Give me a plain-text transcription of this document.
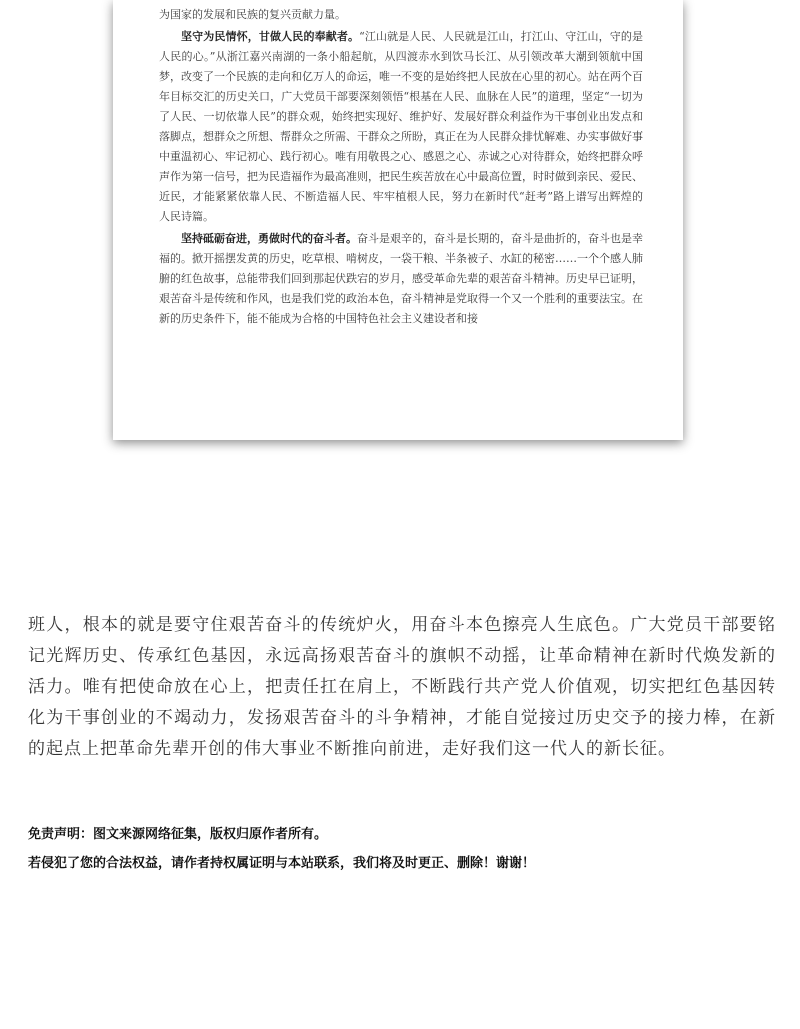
为国家的发展和民族的复兴贡献力量。

坚守为民情怀，甘做人民的奉献者。“江山就是人民、人民就是江山，打江山、守江山，守的是人民的心。”从浙江嘉兴南湖的一条小船起航，从四渡赤水到饮马长江、从引领改革大潮到领航中国梦，改变了一个民族的走向和亿万人的命运，唯一不变的是始终把人民放在心里的初心。站在两个百年目标交汇的历史关口，广大党员干部要深刻领悟“根基在人民、血脉在人民”的道理，坚定“一切为了人民、一切依靠人民”的群众观，始终把实现好、维护好、发展好群众利益作为干事创业出发点和落脚点，想群众之所想、帮群众之所需、干群众之所盼，真正在为人民群众排忧解难、办实事做好事中重温初心、牢记初心、践行初心。唯有用敬畏之心、感恩之心、赤诚之心对待群众，始终把群众呼声作为第一信号，把为民造福作为最高准则，把民生疾苦放在心中最高位置，时时做到亲民、爱民、近民，才能紧紧依靠人民、不断造福人民、牢牢植根人民，努力在新时代“赶考”路上谱写出辉煌的人民诗篇。

坚持砥砺奋进，勇做时代的奋斗者。奋斗是艰辛的，奋斗是长期的，奋斗是曲折的，奋斗也是幸福的。掀开摇摆发黄的历史，吃草根、啃树皮，一袋干粮、半条被子、水缸的秘密……一个个感人肺腑的红色故事，总能带我们回到那起伏跌宕的岁月，感受革命先辈的艰苦奋斗精神。历史早已证明，艰苦奋斗是传统和作风，也是我们党的政治本色，奋斗精神是党取得一个又一个胜利的重要法宝。在新的历史条件下，能不能成为合格的中国特色社会主义建设者和接

班人，根本的就是要守住艰苦奋斗的传统炉火，用奋斗本色擦亮人生底色。广大党员干部要铭记光辉历史、传承红色基因，永远高扬艰苦奋斗的旗帜不动摇，让革命精神在新时代焕发新的活力。唯有把使命放在心上，把责任扛在肩上，不断践行共产党人价值观，切实把红色基因转化为干事创业的不竭动力，发扬艰苦奋斗的斗争精神，才能自觉接过历史交予的接力棒，在新的起点上把革命先辈开创的伟大事业不断推向前进，走好我们这一代人的新长征。

免责声明：图文来源网络征集，版权归原作者所有。
若侵犯了您的合法权益，请作者持权属证明与本站联系，我们将及时更正、删除！谢谢！
